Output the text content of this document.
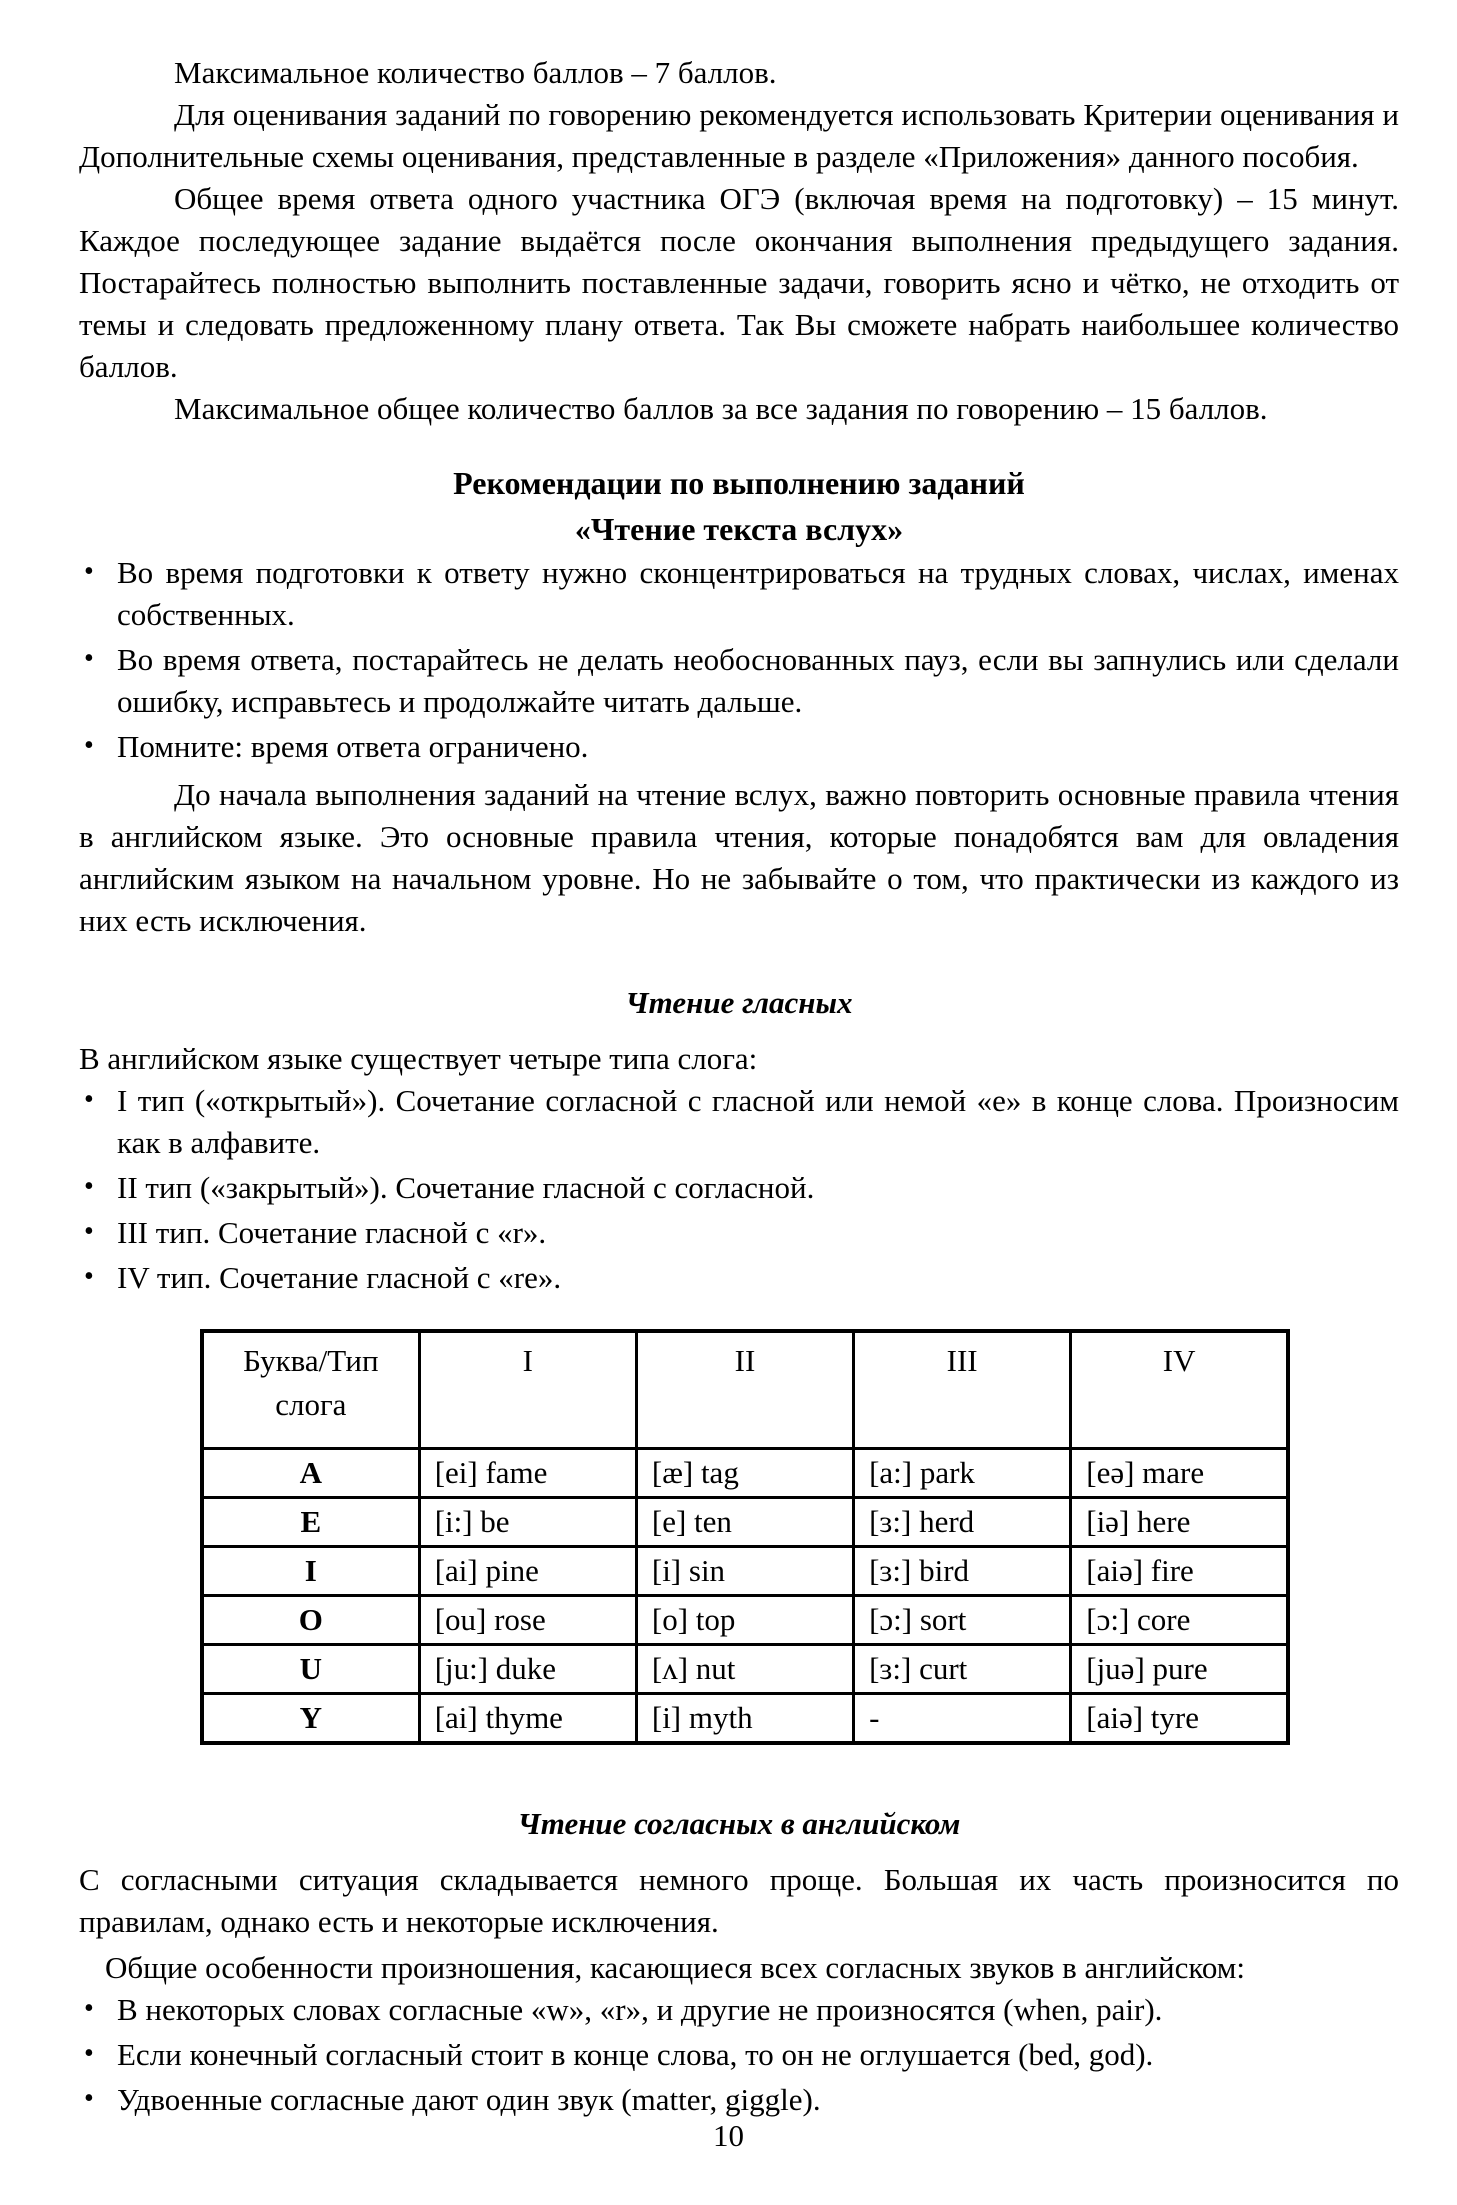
Максимальное количество баллов – 7 баллов.

Для оценивания заданий по говорению рекомендуется использовать Критерии оценивания и Дополнительные схемы оценивания, представленные в разделе «Приложения» данного пособия.

Общее время ответа одного участника ОГЭ (включая время на подготовку) – 15 минут. Каждое последующее задание выдаётся после окончания выполнения предыдущего задания. Постарайтесь полностью выполнить поставленные задачи, говорить ясно и чётко, не отходить от темы и следовать предложенному плану ответа. Так Вы сможете набрать наибольшее количество баллов.

Максимальное общее количество баллов за все задания по говорению – 15 баллов.

Рекомендации по выполнению заданий
«Чтение текста вслух»
• Во время подготовки к ответу нужно сконцентрироваться на трудных словах, числах, именах собственных.
• Во время ответа, постарайтесь не делать необоснованных пауз, если вы запнулись или сделали ошибку, исправьтесь и продолжайте читать дальше.
• Помните: время ответа ограничено.

До начала выполнения заданий на чтение вслух, важно повторить основные правила чтения в английском языке. Это основные правила чтения, которые понадобятся вам для овладения английским языком на начальном уровне. Но не забывайте о том, что практически из каждого из них есть исключения.

Чтение гласных

В английском языке существует четыре типа слога:

• I тип («открытый»). Сочетание согласной с гласной или немой «е» в конце слова. Произносим как в алфавите.
• II тип («закрытый»). Сочетание гласной с согласной.
• III тип. Сочетание гласной с «r».
• IV тип. Сочетание гласной с «re».
Буква/Тип слога	I	II	III	IV
A	[ei] fame	[æ] tag	[a:] park	[eə] mare
E	[i:] be	[e] ten	[ɜ:] herd	[iə] here
I	[ai] pine	[i] sin	[ɜ:] bird	[aiə] fire
O	[ou] rose	[o] top	[ɔ:] sort	[ɔ:] core
U	[ju:] duke	[ʌ] nut	[ɜ:] curt	[juə] pure
Y	[ai] thyme	[i] myth	-	[aiə] tyre
Чтение согласных в английском

С согласными ситуация складывается немного проще. Большая их часть произносится по правилам, однако есть и некоторые исключения.

Общие особенности произношения, касающиеся всех согласных звуков в английском:

• В некоторых словах согласные «w», «r», и другие не произносятся (when, pair).
• Если конечный согласный стоит в конце слова, то он не оглушается (bed, god).
• Удвоенные согласные дают один звук (matter, giggle).
10
